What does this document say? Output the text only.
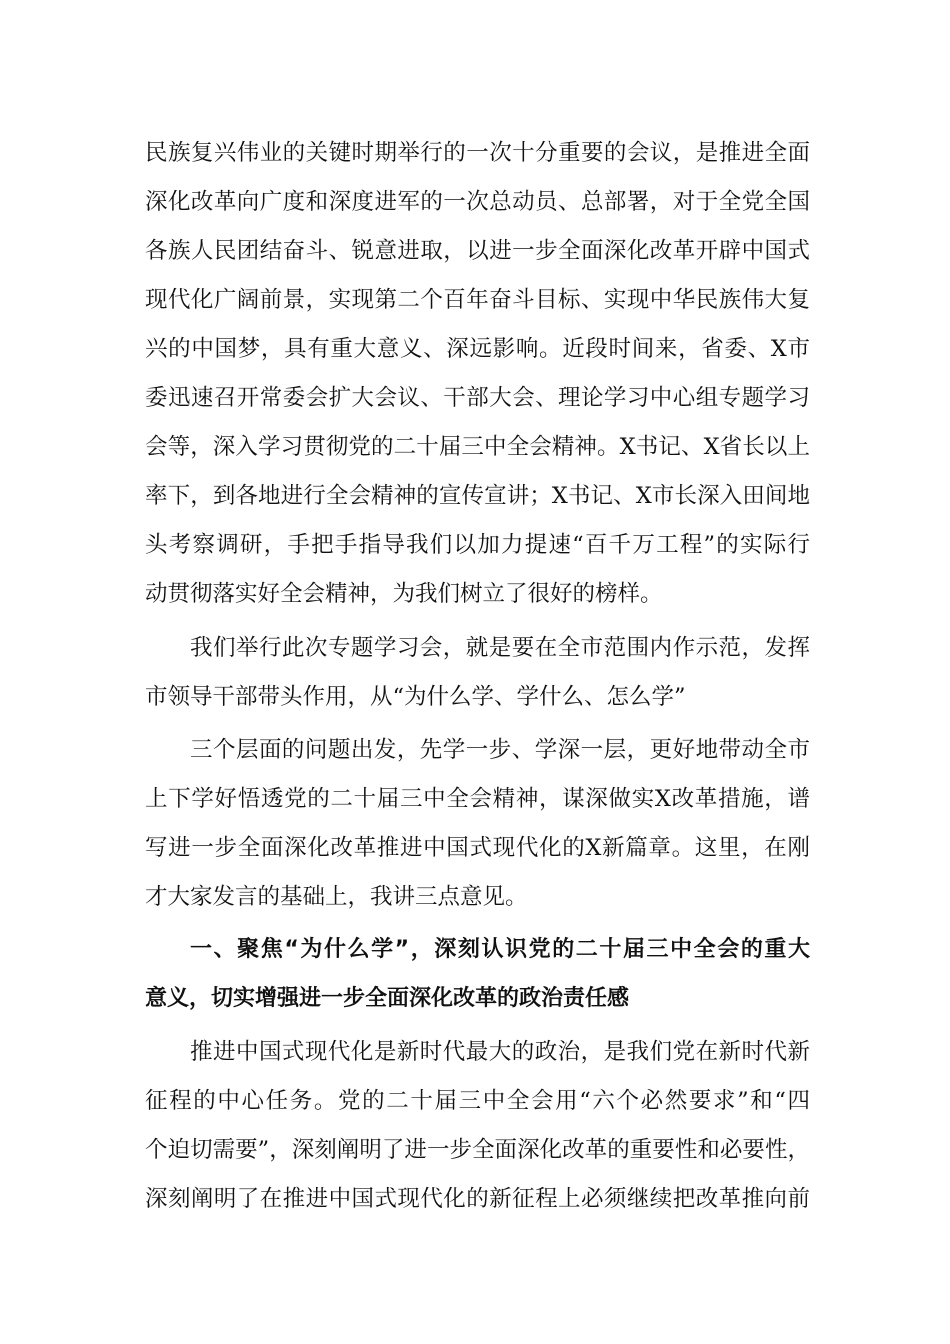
民族复兴伟业的关键时期举行的一次十分重要的会议，是推进全面
深化改革向广度和深度进军的一次总动员、总部署，对于全党全国
各族人民团结奋斗、锐意进取，以进一步全面深化改革开辟中国式
现代化广阔前景，实现第二个百年奋斗目标、实现中华民族伟大复
兴的中国梦，具有重大意义、深远影响。近段时间来，省委、X市
委迅速召开常委会扩大会议、干部大会、理论学习中心组专题学习
会等，深入学习贯彻党的二十届三中全会精神。X书记、X省长以上
率下，到各地进行全会精神的宣传宣讲；X书记、X市长深入田间地
头考察调研，手把手指导我们以加力提速“百千万工程”的实际行
动贯彻落实好全会精神，为我们树立了很好的榜样。
我们举行此次专题学习会，就是要在全市范围内作示范，发挥
市领导干部带头作用，从“为什么学、学什么、怎么学”
三个层面的问题出发，先学一步、学深一层，更好地带动全市
上下学好悟透党的二十届三中全会精神，谋深做实X改革措施，谱
写进一步全面深化改革推进中国式现代化的X新篇章。这里，在刚
才大家发言的基础上，我讲三点意见。
一、聚焦“为什么学”，深刻认识党的二十届三中全会的重大
意义，切实增强进一步全面深化改革的政治责任感
推进中国式现代化是新时代最大的政治，是我们党在新时代新
征程的中心任务。党的二十届三中全会用“六个必然要求”和“四
个迫切需要”，深刻阐明了进一步全面深化改革的重要性和必要性，
深刻阐明了在推进中国式现代化的新征程上必须继续把改革推向前
